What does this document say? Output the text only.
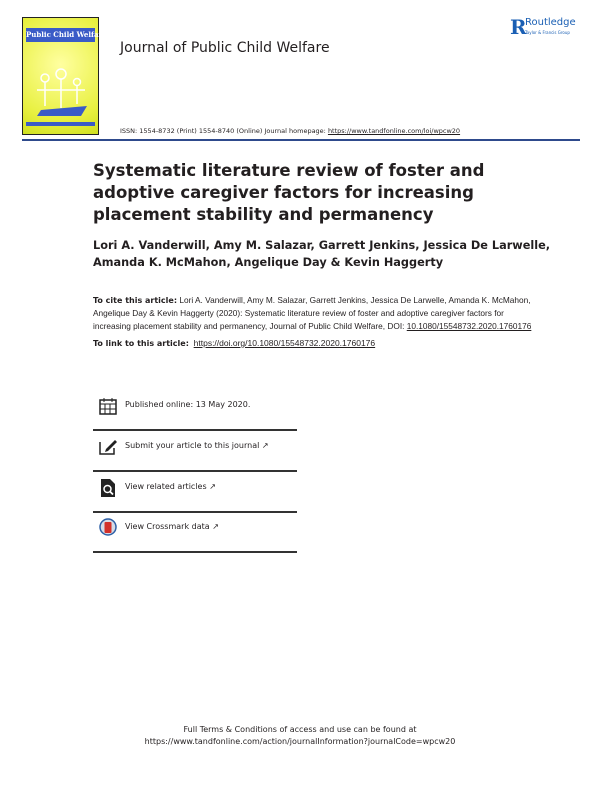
Public Child Welfare
Journal of Public Child Welfare
R
Routledge
Taylor & Francis Group
ISSN: 1554-8732 (Print) 1554-8740 (Online) Journal homepage: https://www.tandfonline.com/loi/wpcw20
Systematic literature review of foster and adoptive caregiver factors for increasing placement stability and permanency
Lori A. Vanderwill, Amy M. Salazar, Garrett Jenkins, Jessica De Larwelle, Amanda K. McMahon, Angelique Day & Kevin Haggerty
To cite this article: Lori A. Vanderwill, Amy M. Salazar, Garrett Jenkins, Jessica De Larwelle, Amanda K. McMahon, Angelique Day & Kevin Haggerty (2020): Systematic literature review of foster and adoptive caregiver factors for increasing placement stability and permanency, Journal of Public Child Welfare, DOI: 10.1080/15548732.2020.1760176
To link to this article: https://doi.org/10.1080/15548732.2020.1760176
Published online: 13 May 2020.
Submit your article to this journal ↗
View related articles ↗
View Crossmark data ↗
Full Terms & Conditions of access and use can be found at
https://www.tandfonline.com/action/journalInformation?journalCode=wpcw20
